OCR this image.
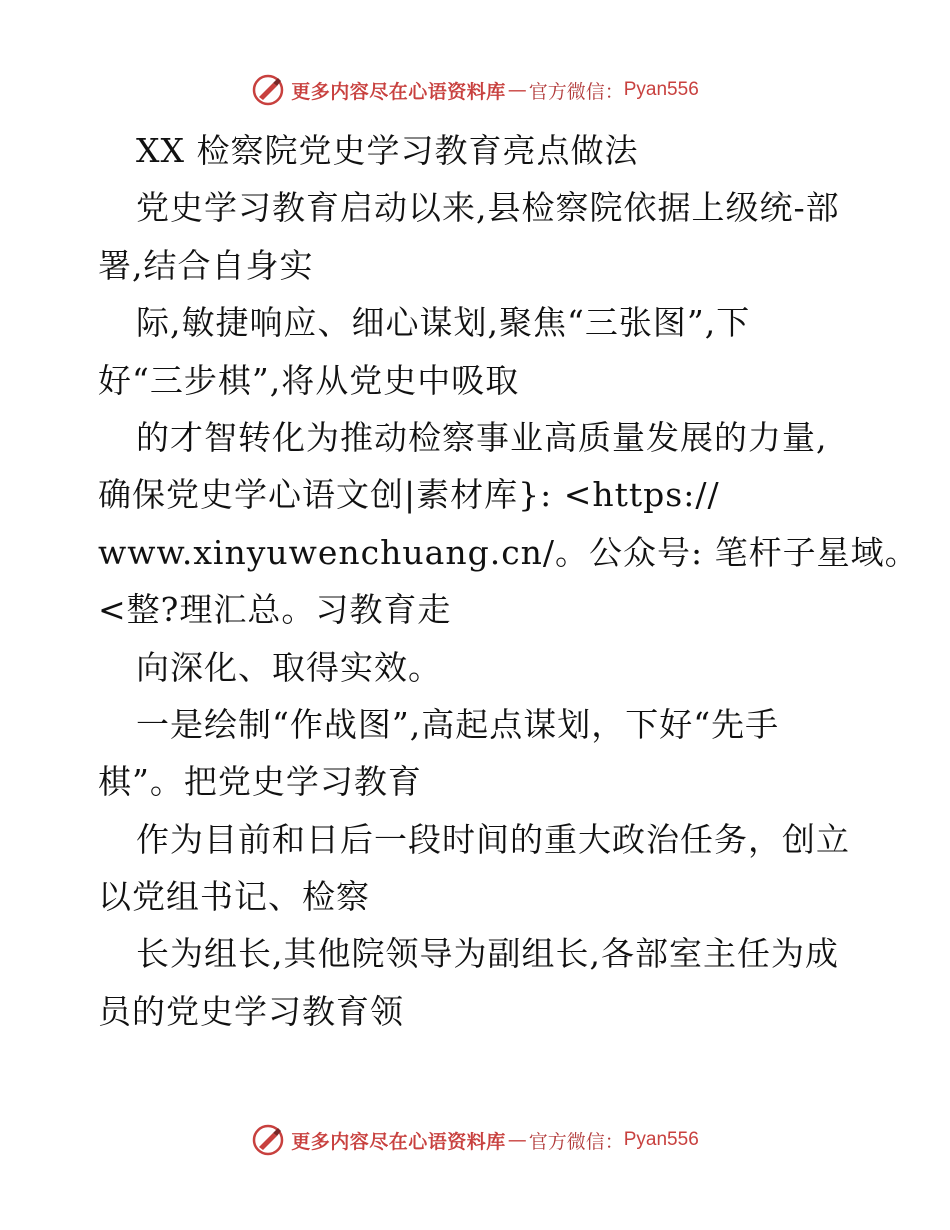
更多内容尽在心语资料库 — 官方微信： Pyan556
XX 检察院党史学习教育亮点做法
党史学习教育启动以来,县检察院依据上级统-部
署,结合自身实
际,敏捷响应、细心谋划,聚焦“三张图”,下
好“三步棋”,将从党史中吸取
的才智转化为推动检察事业高质量发展的力量,
确保党史学心语文创|素材库}: <https://
www.xinyuwenchuang.cn/。公众号: 笔杆子星域。
<整?理汇总。习教育走
向深化、取得实效。
一是绘制“作战图”,高起点谋划，下好“先手
棋”。把党史学习教育
作为目前和日后一段时间的重大政治任务，创立
以党组书记、检察
长为组长,其他院领导为副组长,各部室主任为成
员的党史学习教育领
更多内容尽在心语资料库 — 官方微信： Pyan556
